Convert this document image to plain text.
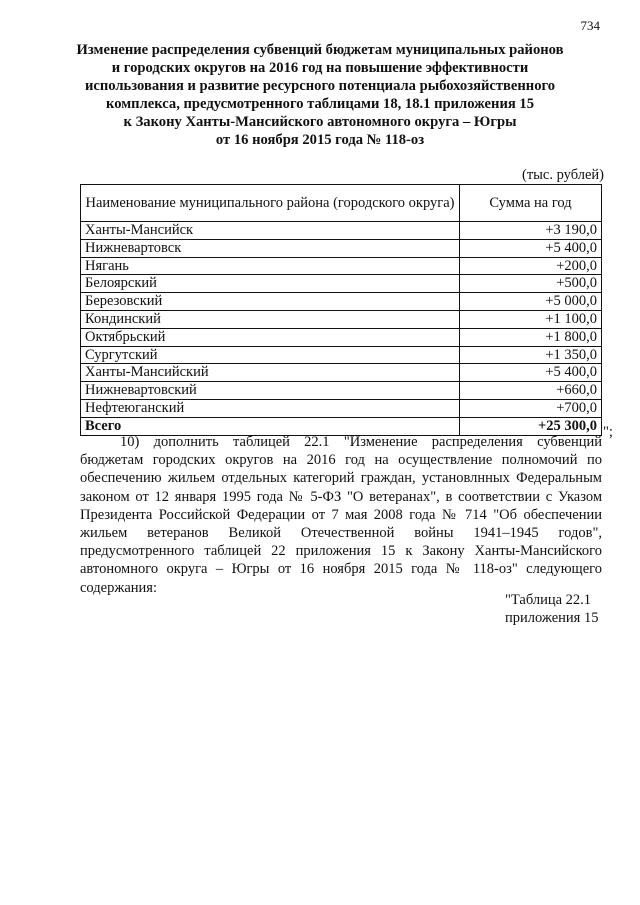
734
Изменение распределения субвенций бюджетам муниципальных районов
и городских округов на 2016 год на повышение эффективности
использования и развитие ресурсного потенциала рыбохозяйственного
комплекса, предусмотренного таблицами 18, 18.1 приложения 15
к Закону Ханты-Мансийского автономного округа – Югры
от 16 ноября 2015 года № 118-оз
(тыс. рублей)
Наименование муниципального района (городского округа)	Сумма на год
Ханты-Мансийск	+3 190,0
Нижневартовск	+5 400,0
Нягань	+200,0
Белоярский	+500,0
Березовский	+5 000,0
Кондинский	+1 100,0
Октябрьский	+1 800,0
Сургутский	+1 350,0
Ханты-Мансийский	+5 400,0
Нижневартовский	+660,0
Нефтеюганский	+700,0
Всего	+25 300,0 ";

10) дополнить таблицей 22.1 "Изменение распределения субвенций бюджетам городских округов на 2016 год на осуществление полномочий по обеспечению жильем отдельных категорий граждан, установлнных Федеральным законом от 12 января 1995 года № 5-ФЗ "О ветеранах", в соответствии с Указом Президента Российской Федерации от 7 мая 2008 года № 714 "Об обеспечении жильем ветеранов Великой Отечественной войны 1941–1945 годов", предусмотренного таблицей 22 приложения 15 к Закону Ханты-Мансийского автономного округа – Югры от 16 ноября 2015 года № 118-оз" следующего содержания:

"Таблица 22.1
приложения 15
